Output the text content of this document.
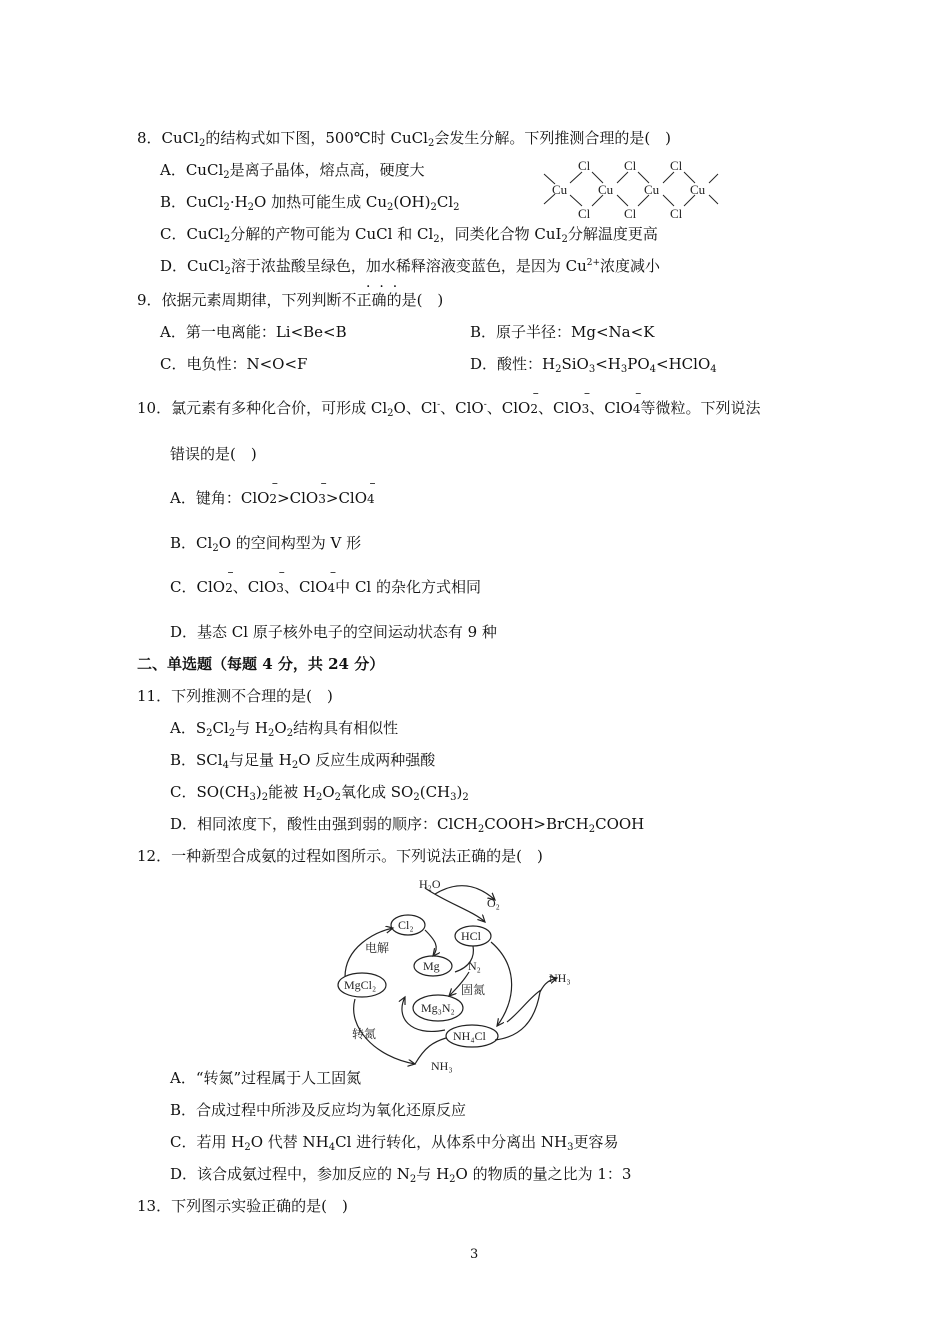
8．CuCl$_2$的结构式如下图，500℃时 CuCl$_2$会发生分解。下列推测合理的是(　)
A．CuCl$_2$是离子晶体，熔点高，硬度大
B．$CuCl_2\cdot H_2O$ 加热可能生成 $Cu_2(OH)_2Cl_2$
C．CuCl$_2$分解的产物可能为 CuCl 和 $Cl_2$，同类化合物 CuI$_2$分解温度更高
D．CuCl$_2$溶于浓盐酸呈绿色，加水稀释溶液变蓝色，是因为 $Cu^{2+}$浓度减小
Cu Cu Cu Cu
Cl	Cl	Cl
Cl	Cl	Cl
9．依据元素周期律，下列判断不正确的是(　)
·  ·  ·
A．第一电离能：Li<Be<B	B．原子半径：Mg<Na<K
C．电负性：N<O<F	D．酸性：$H_2SiO_3<H_3PO_4<HClO_4$
10．氯元素有多种化合价，可形成 $Cl_2O$、Cl-、ClO-、ClO2
–
、ClO3
–
、ClO4
–
等微粒。下列说法
错误的是(　)
A．键角：ClO2
–
>ClO3
–
>ClO4
–
B．$Cl_2O$ 的空间构型为 V 形
C．ClO2
–
、ClO3
–
、ClO4
–
中 Cl 的杂化方式相同
D．基态 Cl 原子核外电子的空间运动状态有 9 种
二、单选题（每题 4 分，共 24 分）
11．下列推测不合理的是(　)
A．$S_2Cl_2$与 $H_2O_2$结构具有相似性
B．SCl$_4$与足量 $H_2O$ 反应生成两种强酸
C．$SO(CH_3)_2$能被 $H_2O_2$氧化成 $SO_2(CH_3)_2$
D．相同浓度下，酸性由强到弱的顺序：ClCH$_2$COOH>BrCH$_2$COOH
12．一种新型合成氨的过程如图所示。下列说法正确的是(　)
H₂O
O₂
Cl₂
HCl
电解
Mg N₂
固氮
MgCl₂
Mg₃N₂
NH₃
转氮	NH₄Cl
NH₃
A．“转氮”过程属于人工固氮
B．合成过程中所涉及反应均为氧化还原反应
C．若用 $H_2O$ 代替 $NH_4Cl$ 进行转化，从体系中分离出 $NH_3$更容易
D．该合成氨过程中，参加反应的 $N_2$与 $H_2O$ 的物质的量之比为 1：3
13．下列图示实验正确的是(　)
3
